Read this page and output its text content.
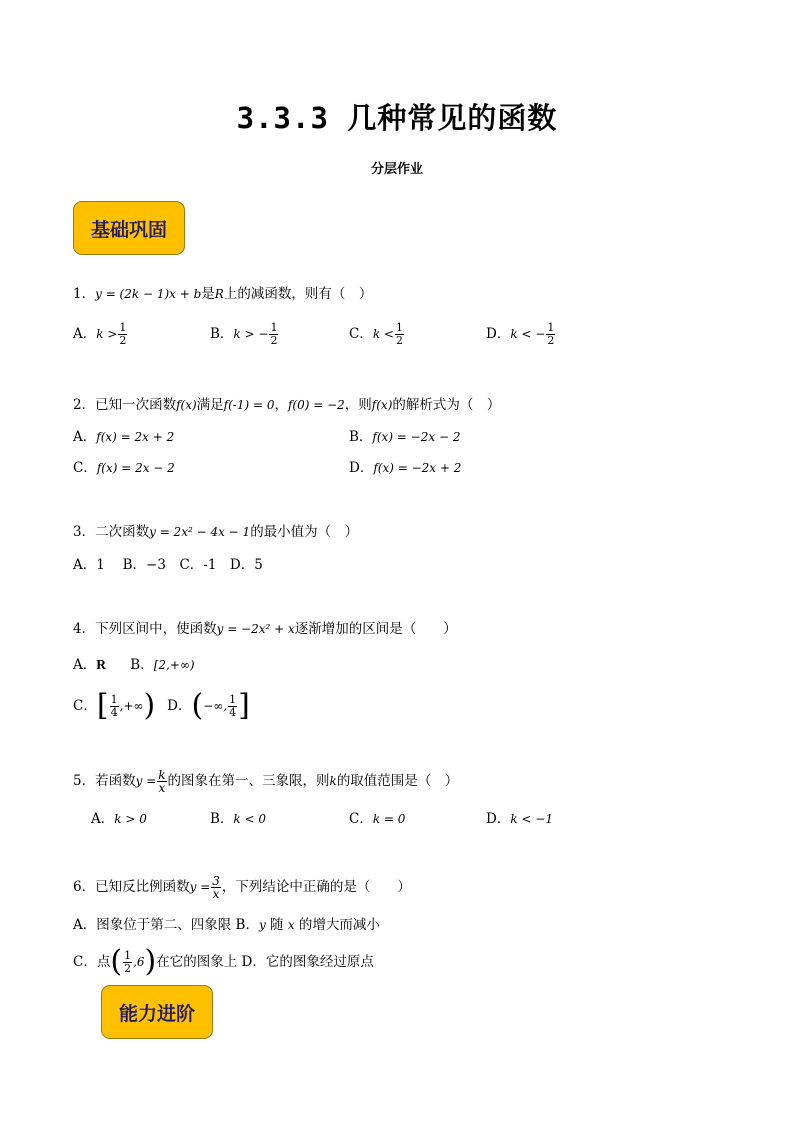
3.3.3 几种常见的函数
分层作业
基础巩固
1．y = (2k − 1)x + b是R上的减函数，则有（　）
A．$k > \frac{1}{2}$	B．k > − $\frac{1}{2}$	C．$k < \frac{1}{2}$	D．k < − $\frac{1}{2}$
2．已知一次函数f(x)满足f(-1) = 0，f(0) = −2，则f(x)的解析式为（　）
A．f(x) = 2x + 2	B．f(x) = −2x − 2
C．f(x) = 2x − 2	D．f(x) = −2x + 2
3．二次函数y = 2x² − 4x − 1的最小值为（　）
A．1　 B．−3　C．-1　D．5
4．下列区间中，使函数y = −2x² + x逐渐增加的区间是（　　）
A．R B．[2,+∞)
C． [ $\frac{1}{4}$ ,+∞ ) D． ( −∞, $\frac{1}{4}$ ]
5．若函数 $y = \frac{k}{x}$ 的图象在第一、三象限，则 k 的取值范围是（　）
A．k > 0	B．k < 0	C．k = 0	D．k < −1
6．已知反比例函数 $y = \frac{3}{x}$ ，下列结论中正确的是（　　）
A．图象位于第二、四象限 B．y 随 x 的增大而减小
C．点 ( $\frac{1}{2} ,6$ ) 在它的图象上 D．它的图象经过原点
能力进阶
